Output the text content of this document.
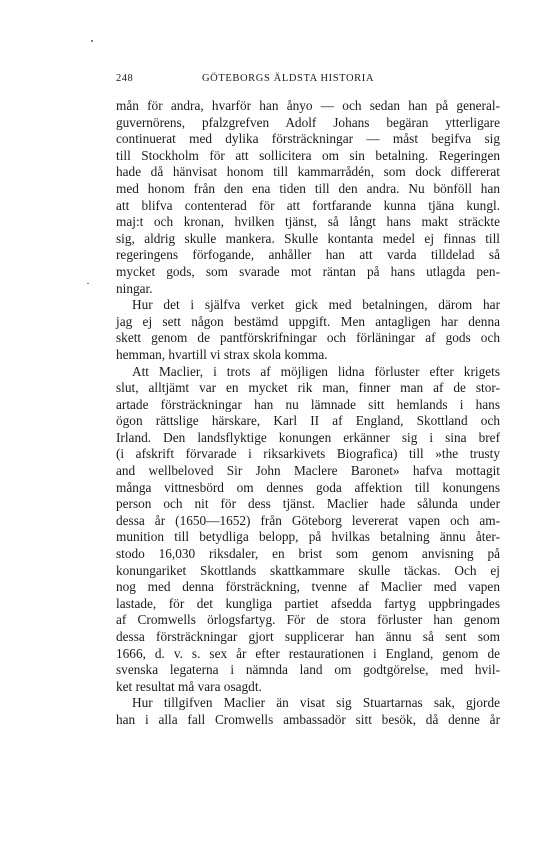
248	GÖTEBORGS ÄLDSTA HISTORIA
mån för andra, hvarför han ånyo — och sedan han på general-
guvernörens, pfalzgrefven Adolf Johans begäran ytterligare
continuerat med dylika försträckningar — måst begifva sig
till Stockholm för att sollicitera om sin betalning. Regeringen
hade då hänvisat honom till kammarrådén, som dock differerat
med honom från den ena tiden till den andra. Nu bönföll han
att blifva contenterad för att fortfarande kunna tjäna kungl.
maj:t och kronan, hvilken tjänst, så långt hans makt sträckte
sig, aldrig skulle mankera. Skulle kontanta medel ej finnas till
regeringens förfogande, anhåller han att varda tilldelad så
mycket gods, som svarade mot räntan på hans utlagda pen-
ningar.
Hur det i själfva verket gick med betalningen, därom har
jag ej sett någon bestämd uppgift. Men antagligen har denna
skett genom de pantförskrifningar och förläningar af gods och
hemman, hvartill vi strax skola komma.
Att Maclier, i trots af möjligen lidna förluster efter krigets
slut, alltjämt var en mycket rik man, finner man af de stor-
artade försträckningar han nu lämnade sitt hemlands i hans
ögon rättslige härskare, Karl II af England, Skottland och
Irland. Den landsflyktige konungen erkänner sig i sina bref
(i afskrift förvarade i riksarkivets Biografica) till »the trusty
and wellbeloved Sir John Maclere Baronet» hafva mottagit
många vittnesbörd om dennes goda affektion till konungens
person och nit för dess tjänst. Maclier hade sålunda under
dessa år (1650—1652) från Göteborg levererat vapen och am-
munition till betydliga belopp, på hvilkas betalning ännu åter-
stodo 16,030 riksdaler, en brist som genom anvisning på
konungariket Skottlands skattkammare skulle täckas. Och ej
nog med denna försträckning, tvenne af Maclier med vapen
lastade, för det kungliga partiet afsedda fartyg uppbringades
af Cromwells örlogsfartyg. För de stora förluster han genom
dessa försträckningar gjort supplicerar han ännu så sent som
1666, d. v. s. sex år efter restaurationen i England, genom de
svenska legaterna i nämnda land om godtgörelse, med hvil-
ket resultat må vara osagdt.
Hur tillgifven Maclier än visat sig Stuartarnas sak, gjorde
han i alla fall Cromwells ambassadör sitt besök, då denne år
